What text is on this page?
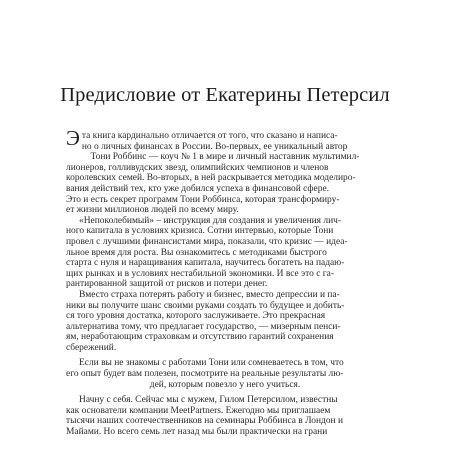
Предисловие от Екатерины Петерсил
Эта книга кардинально отличается от того, что сказано и написа-
но о личных финансах в России. Во-первых, ее уникальный автор
Тони Роббинс — коуч № 1 в мире и личный наставник мультимил-
лионеров, голливудских звезд, олимпийских чемпионов и членов
королевских семей. Во-вторых, в ней раскрывается методика моделиро-
вания действий тех, кто уже добился успеха в финансовой сфере.
Это и есть секрет программ Тони Роббинса, которая трансформиру-
ет жизни миллионов людей по всему миру.
«Непоколебимый» – инструкция для создания и увеличения лич-
ного капитала в условиях кризиса. Сотни интервью, которые Тони
провел с лучшими финансистами мира, показали, что кризис — идеа-
льное время для роста. Вы ознакомитесь с методиками быстрого
старта с нуля и наращивания капитала, научитесь богатеть на падаю-
щих рынках и в условиях нестабильной экономики. И все это с га-
рантированной защитой от рисков и потери денег.
Вместо страха потерять работу и бизнес, вместо депрессии и па-
ники вы получите шанс своими руками создать то будущее и добить-
ся того уровня достатка, которого заслуживаете. Это прекрасная
альтернатива тому, что предлагает государство, — мизерным пенси-
ям, неработающим страховкам и отсутствию гарантий сохранения
сбережений.
Если вы не знакомы с работами Тони или сомневаетесь в том, что
его опыт будет вам полезен, посмотрите на реальные результаты лю-
дей, которым повезло у него учиться.
Начну с себя. Сейчас мы с мужем, Гилом Петерсилом, известны
как основатели компании MeetPartners. Ежегодно мы приглашаем
тысячи наших соотечественников на семинары Роббинса в Лондон и
Майами. Но всего семь лет назад мы были практически на грани
